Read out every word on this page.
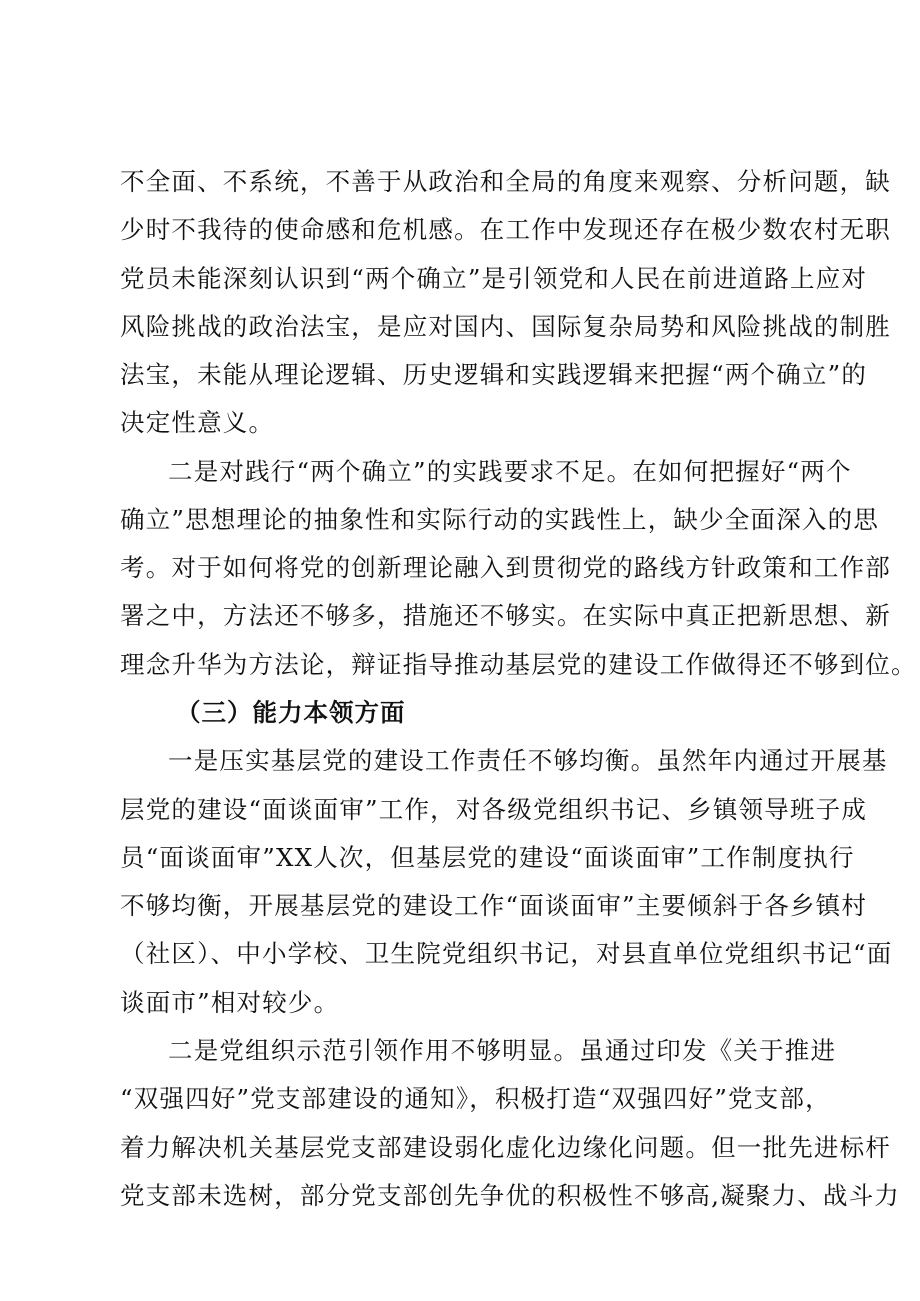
不全面、不系统，不善于从政治和全局的角度来观察、分析问题，缺
少时不我待的使命感和危机感。在工作中发现还存在极少数农村无职
党员未能深刻认识到“两个确立”是引领党和人民在前进道路上应对
风险挑战的政治法宝，是应对国内、国际复杂局势和风险挑战的制胜
法宝，未能从理论逻辑、历史逻辑和实践逻辑来把握“两个确立”的
决定性意义。
二是对践行“两个确立”的实践要求不足。在如何把握好“两个
确立”思想理论的抽象性和实际行动的实践性上，缺少全面深入的思
考。对于如何将党的创新理论融入到贯彻党的路线方针政策和工作部
署之中，方法还不够多，措施还不够实。在实际中真正把新思想、新
理念升华为方法论，辩证指导推动基层党的建设工作做得还不够到位。
（三）能力本领方面
一是压实基层党的建设工作责任不够均衡。虽然年内通过开展基
层党的建设“面谈面审”工作，对各级党组织书记、乡镇领导班子成
员“面谈面审”XX人次，但基层党的建设“面谈面审”工作制度执行
不够均衡，开展基层党的建设工作“面谈面审”主要倾斜于各乡镇村
（社区）、中小学校、卫生院党组织书记，对县直单位党组织书记“面
谈面市”相对较少。
二是党组织示范引领作用不够明显。虽通过印发《关于推进
“双强四好”党支部建设的通知》，积极打造“双强四好”党支部，
着力解决机关基层党支部建设弱化虚化边缘化问题。但一批先进标杆
党支部未选树，部分党支部创先争优的积极性不够高,凝聚力、战斗力
